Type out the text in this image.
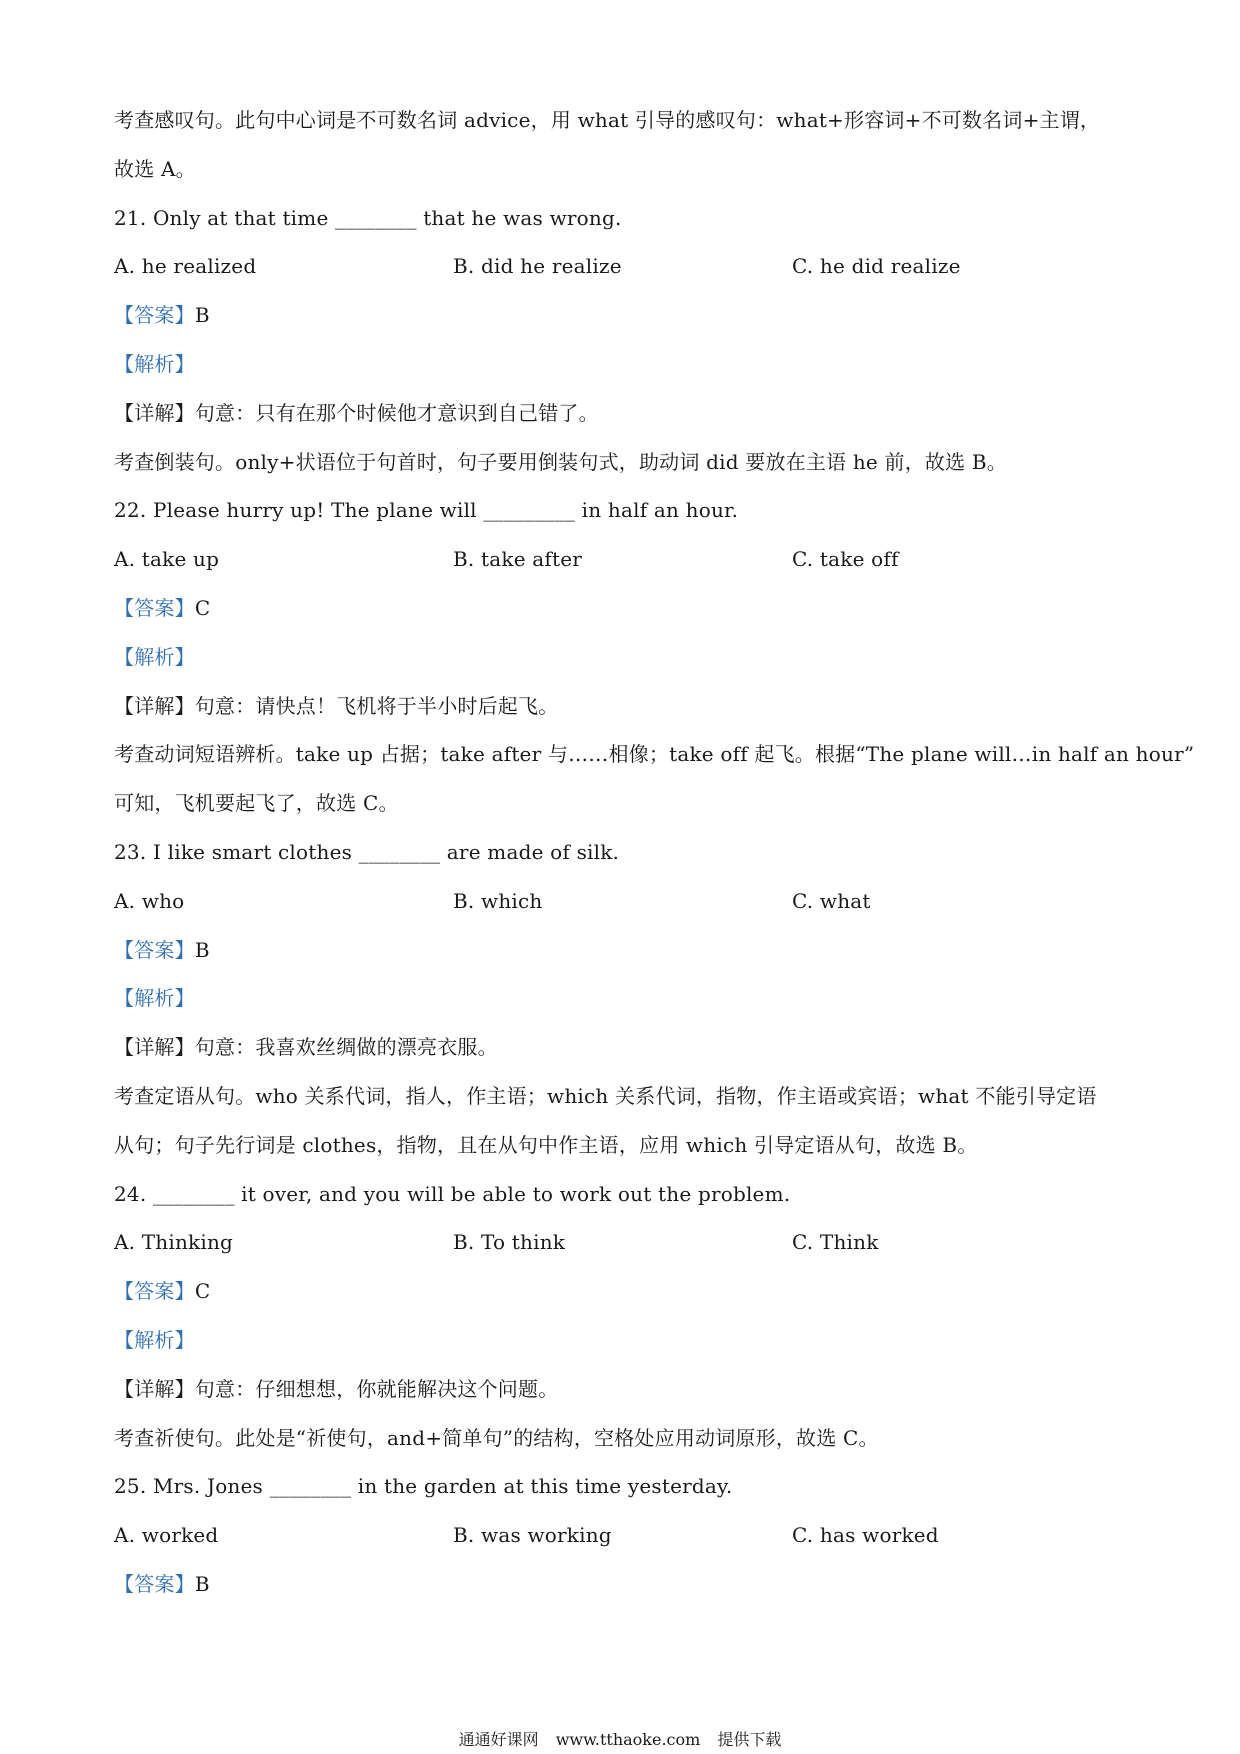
考查感叹句。此句中心词是不可数名词 advice，用 what 引导的感叹句：what+形容词+不可数名词+主谓，
故选 A。
21. Only at that time ________ that he was wrong.
A. he realized	B. did he realize	C. he did realize
【答案】B
【解析】
【详解】句意：只有在那个时候他才意识到自己错了。
考查倒装句。only+状语位于句首时，句子要用倒装句式，助动词 did 要放在主语 he 前，故选 B。
22. Please hurry up! The plane will _________ in half an hour.
A. take up	B. take after	C. take off
【答案】C
【解析】
【详解】句意：请快点！飞机将于半小时后起飞。
考查动词短语辨析。take up 占据；take after 与……相像；take off 起飞。根据“The plane will…in half an hour”
可知，飞机要起飞了，故选 C。
23. I like smart clothes ________ are made of silk.
A. who	B. which	C. what
【答案】B
【解析】
【详解】句意：我喜欢丝绸做的漂亮衣服。
考查定语从句。who 关系代词，指人，作主语；which 关系代词，指物，作主语或宾语；what 不能引导定语
从句；句子先行词是 clothes，指物，且在从句中作主语，应用 which 引导定语从句，故选 B。
24. ________ it over, and you will be able to work out the problem.
A. Thinking	B. To think	C. Think
【答案】C
【解析】
【详解】句意：仔细想想，你就能解决这个问题。
考查祈使句。此处是“祈使句，and+简单句”的结构，空格处应用动词原形，故选 C。
25. Mrs. Jones ________ in the garden at this time yesterday.
A. worked	B. was working	C. has worked
【答案】B
通通好课网 www.tthaoke.com 提供下载
